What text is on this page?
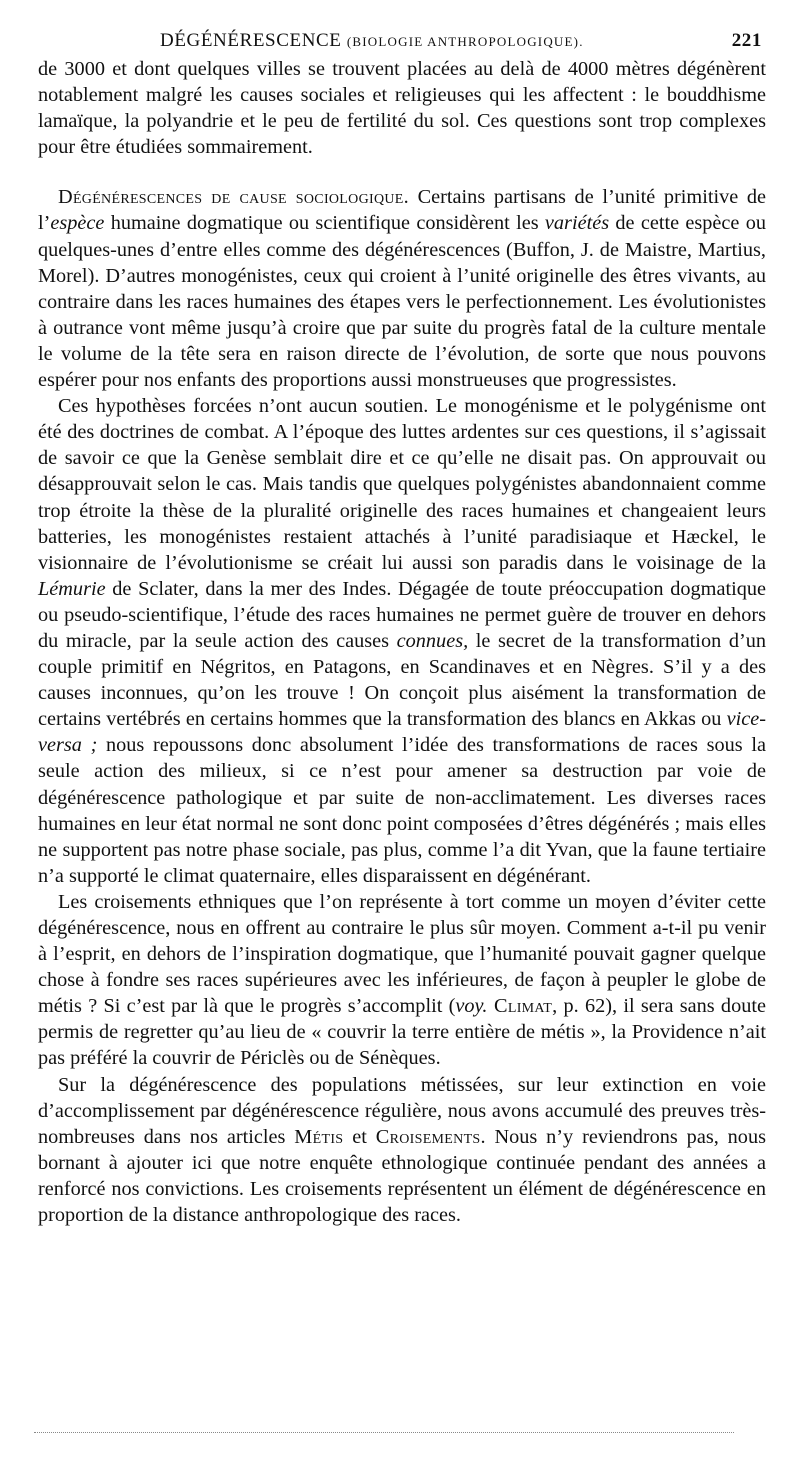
DÉGÉNÉRESCENCE (BIOLOGIE ANTHROPOLOGIQUE).	221

de 3000 et dont quelques villes se trouvent placées au delà de 4000 mètres dégénèrent notablement malgré les causes sociales et religieuses qui les affectent : le bouddhisme lamaïque, la polyandrie et le peu de fertilité du sol. Ces questions sont trop complexes pour être étudiées sommairement.

Dégénérescences de cause sociologique. Certains partisans de l’unité primitive de l’espèce humaine dogmatique ou scientifique considèrent les variétés de cette espèce ou quelques-unes d’entre elles comme des dégénérescences (Buffon, J. de Maistre, Martius, Morel). D’autres monogénistes, ceux qui croient à l’unité originelle des êtres vivants, au contraire dans les races humaines des étapes vers le perfectionnement. Les évolutionistes à outrance vont même jusqu’à croire que par suite du progrès fatal de la culture mentale le volume de la tête sera en raison directe de l’évolution, de sorte que nous pouvons espérer pour nos enfants des proportions aussi monstrueuses que progressistes.

Ces hypothèses forcées n’ont aucun soutien. Le monogénisme et le polygénisme ont été des doctrines de combat. A l’époque des luttes ardentes sur ces questions, il s’agissait de savoir ce que la Genèse semblait dire et ce qu’elle ne disait pas. On approuvait ou désapprouvait selon le cas. Mais tandis que quelques polygénistes abandonnaient comme trop étroite la thèse de la pluralité originelle des races humaines et changeaient leurs batteries, les monogénistes restaient attachés à l’unité paradisiaque et Hæckel, le visionnaire de l’évolutionisme se créait lui aussi son paradis dans le voisinage de la Lémurie de Sclater, dans la mer des Indes. Dégagée de toute préoccupation dogmatique ou pseudo-scientifique, l’étude des races humaines ne permet guère de trouver en dehors du miracle, par la seule action des causes connues, le secret de la transformation d’un couple primitif en Négritos, en Patagons, en Scandinaves et en Nègres. S’il y a des causes inconnues, qu’on les trouve ! On conçoit plus aisément la transformation de certains vertébrés en certains hommes que la transformation des blancs en Akkas ou vice-versa ; nous repoussons donc absolument l’idée des transformations de races sous la seule action des milieux, si ce n’est pour amener sa destruction par voie de dégénérescence pathologique et par suite de non-acclimatement. Les diverses races humaines en leur état normal ne sont donc point composées d’êtres dégénérés ; mais elles ne supportent pas notre phase sociale, pas plus, comme l’a dit Yvan, que la faune tertiaire n’a supporté le climat quaternaire, elles disparaissent en dégénérant.

Les croisements ethniques que l’on représente à tort comme un moyen d’éviter cette dégénérescence, nous en offrent au contraire le plus sûr moyen. Comment a-t-il pu venir à l’esprit, en dehors de l’inspiration dogmatique, que l’humanité pouvait gagner quelque chose à fondre ses races supérieures avec les inférieures, de façon à peupler le globe de métis ? Si c’est par là que le progrès s’accomplit (voy. Climat, p. 62), il sera sans doute permis de regretter qu’au lieu de « couvrir la terre entière de métis », la Providence n’ait pas préféré la couvrir de Périclès ou de Sénèques.

Sur la dégénérescence des populations métissées, sur leur extinction en voie d’accomplissement par dégénérescence régulière, nous avons accumulé des preuves très-nombreuses dans nos articles Métis et Croisements. Nous n’y reviendrons pas, nous bornant à ajouter ici que notre enquête ethnologique continuée pendant des années a renforcé nos convictions. Les croisements représentent un élément de dégénérescence en proportion de la distance anthropologique des races.
